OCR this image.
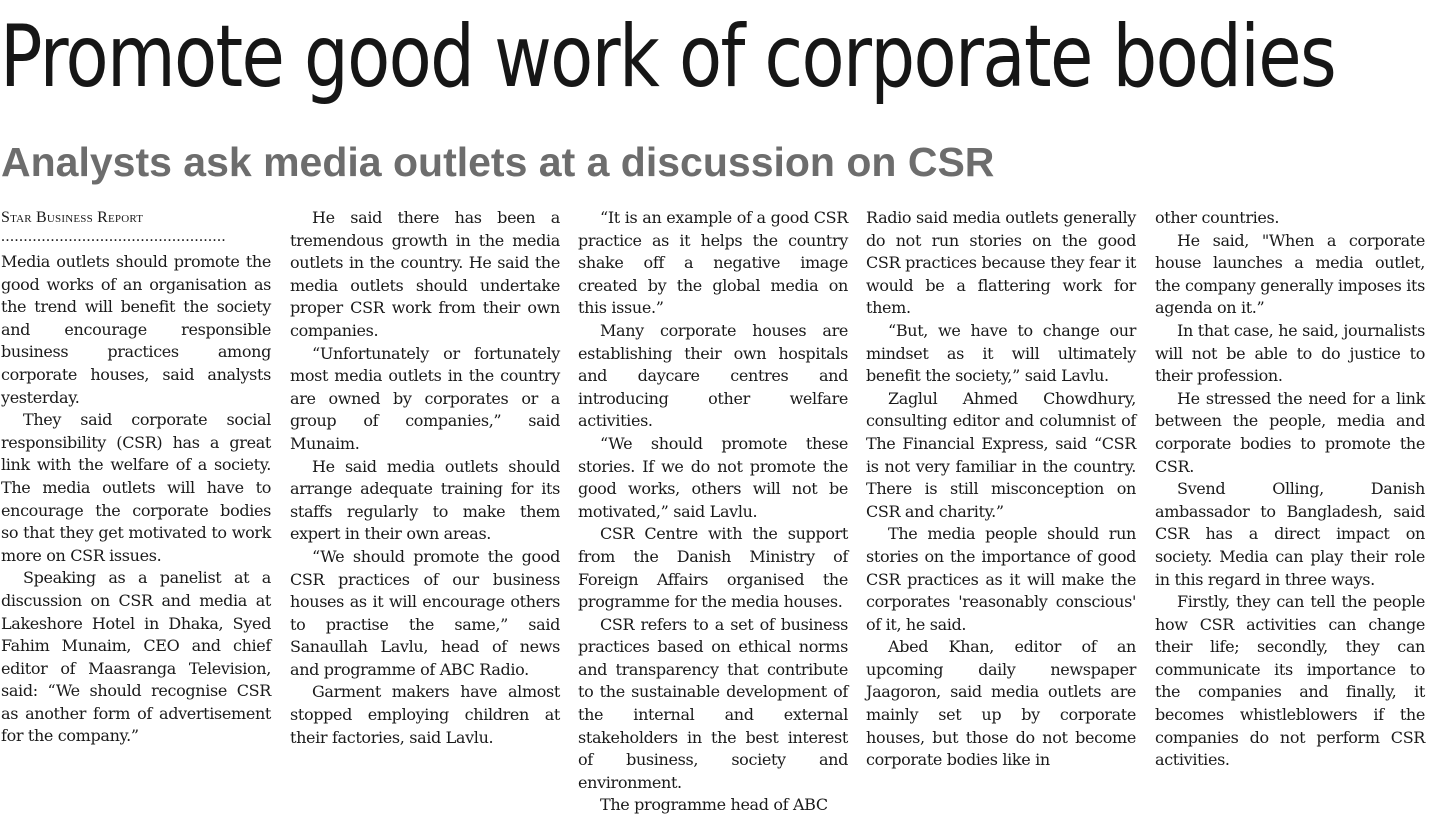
Promote good work of corporate bodies
Analysts ask media outlets at a discussion on CSR
Star Business Report
..................................................

Media outlets should promote the good works of an organisation as the trend will benefit the society and encourage responsible business practices among corporate houses, said analysts yesterday.

They said corporate social responsibility (CSR) has a great link with the welfare of a society. The media outlets will have to encourage the corporate bodies so that they get motivated to work more on CSR issues.

Speaking as a panelist at a discussion on CSR and media at Lakeshore Hotel in Dhaka, Syed Fahim Munaim, CEO and chief editor of Maasranga Television, said: “We should recognise CSR as another form of advertisement for the company.”

He said there has been a tremendous growth in the media outlets in the country. He said the media outlets should undertake proper CSR work from their own companies.

“Unfortunately or fortunately most media outlets in the country are owned by corporates or a group of companies,” said Munaim.

He said media outlets should arrange adequate training for its staffs regularly to make them expert in their own areas.

“We should promote the good CSR practices of our business houses as it will encourage others to practise the same,” said Sanaullah Lavlu, head of news and programme of ABC Radio.

Garment makers have almost stopped employing children at their factories, said Lavlu.

“It is an example of a good CSR practice as it helps the country shake off a negative image created by the global media on this issue.”

Many corporate houses are establishing their own hospitals and daycare centres and introducing other welfare activities.

“We should promote these stories. If we do not promote the good works, others will not be motivated,” said Lavlu.

CSR Centre with the support from the Danish Ministry of Foreign Affairs organised the programme for the media houses.

CSR refers to a set of business practices based on ethical norms and transparency that contribute to the sustainable development of the internal and external stakeholders in the best interest of business, society and environment.

The programme head of ABC

Radio said media outlets generally do not run stories on the good CSR practices because they fear it would be a flattering work for them.

“But, we have to change our mindset as it will ultimately benefit the society,” said Lavlu.

Zaglul Ahmed Chowdhury, consulting editor and columnist of The Financial Express, said “CSR is not very familiar in the country. There is still misconception on CSR and charity.”

The media people should run stories on the importance of good CSR practices as it will make the corporates 'reasonably conscious' of it, he said.

Abed Khan, editor of an upcoming daily newspaper Jaagoron, said media outlets are mainly set up by corporate houses, but those do not become corporate bodies like in

other countries.

He said, "When a corporate house launches a media outlet, the company generally imposes its agenda on it.”

In that case, he said, journalists will not be able to do justice to their profession.

He stressed the need for a link between the people, media and corporate bodies to promote the CSR.

Svend Olling, Danish ambassador to Bangladesh, said CSR has a direct impact on society. Media can play their role in this regard in three ways.

Firstly, they can tell the people how CSR activities can change their life; secondly, they can communicate its importance to the companies and finally, it becomes whistleblowers if the companies do not perform CSR activities.
